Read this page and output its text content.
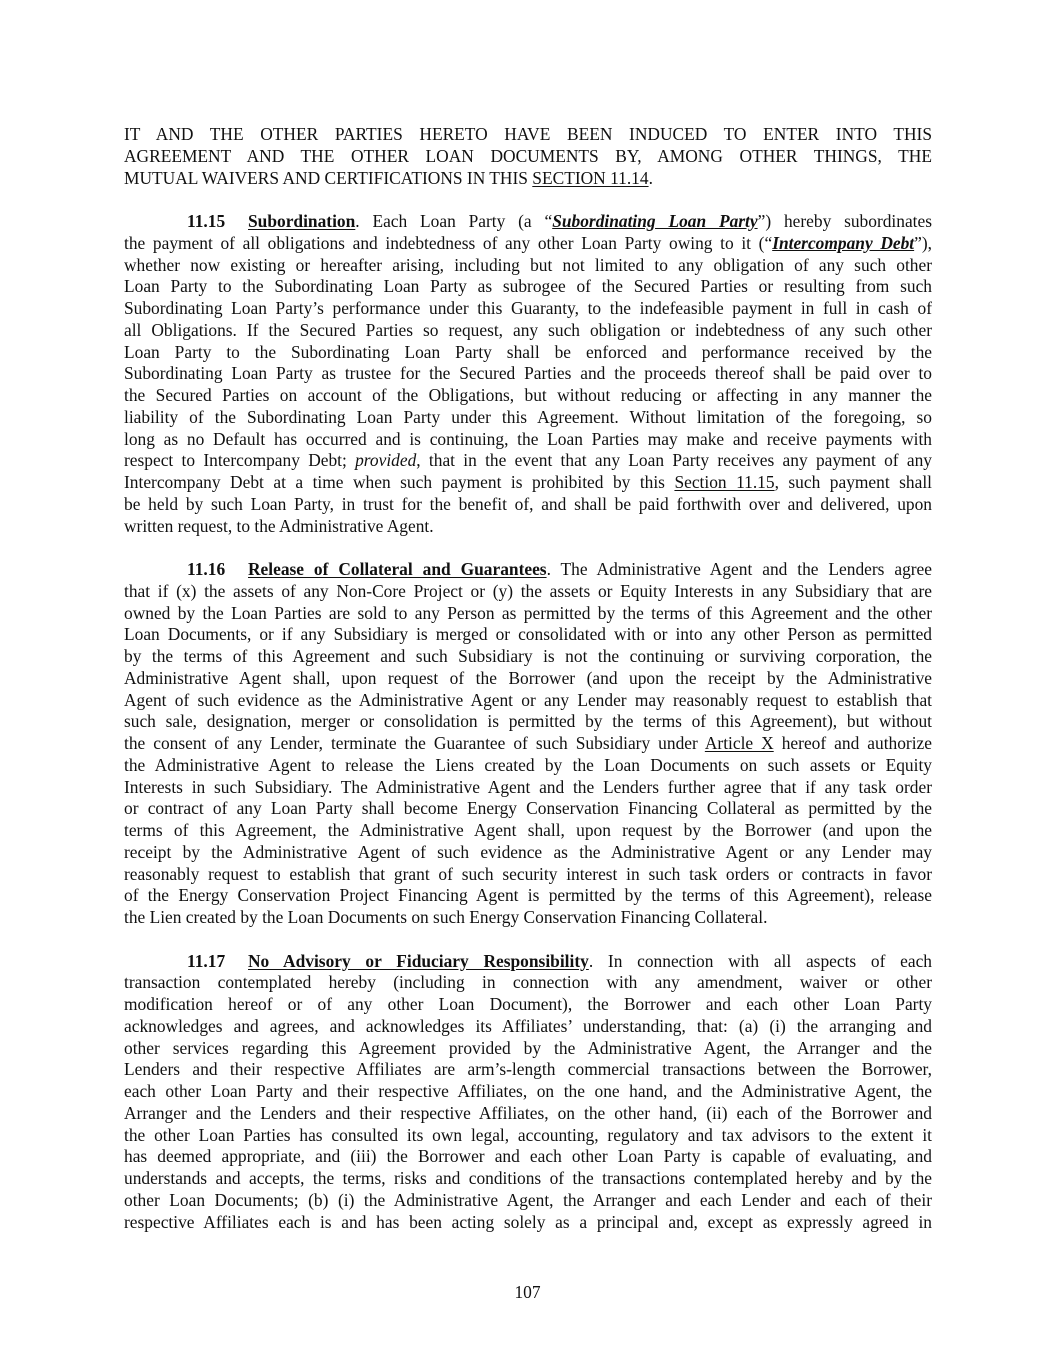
IT AND THE OTHER PARTIES HERETO HAVE BEEN INDUCED TO ENTER INTO THIS
AGREEMENT AND THE OTHER LOAN DOCUMENTS BY, AMONG OTHER THINGS, THE
MUTUAL WAIVERS AND CERTIFICATIONS IN THIS SECTION 11.14.
11.15 Subordination. Each Loan Party (a “Subordinating Loan Party”) hereby subordinates
the payment of all obligations and indebtedness of any other Loan Party owing to it (“Intercompany Debt”),
whether now existing or hereafter arising, including but not limited to any obligation of any such other
Loan Party to the Subordinating Loan Party as subrogee of the Secured Parties or resulting from such
Subordinating Loan Party’s performance under this Guaranty, to the indefeasible payment in full in cash of
all Obligations. If the Secured Parties so request, any such obligation or indebtedness of any such other
Loan Party to the Subordinating Loan Party shall be enforced and performance received by the
Subordinating Loan Party as trustee for the Secured Parties and the proceeds thereof shall be paid over to
the Secured Parties on account of the Obligations, but without reducing or affecting in any manner the
liability of the Subordinating Loan Party under this Agreement. Without limitation of the foregoing, so
long as no Default has occurred and is continuing, the Loan Parties may make and receive payments with
respect to Intercompany Debt; provided, that in the event that any Loan Party receives any payment of any
Intercompany Debt at a time when such payment is prohibited by this Section 11.15, such payment shall
be held by such Loan Party, in trust for the benefit of, and shall be paid forthwith over and delivered, upon
written request, to the Administrative Agent.
11.16 Release of Collateral and Guarantees. The Administrative Agent and the Lenders agree
that if (x) the assets of any Non-Core Project or (y) the assets or Equity Interests in any Subsidiary that are
owned by the Loan Parties are sold to any Person as permitted by the terms of this Agreement and the other
Loan Documents, or if any Subsidiary is merged or consolidated with or into any other Person as permitted
by the terms of this Agreement and such Subsidiary is not the continuing or surviving corporation, the
Administrative Agent shall, upon request of the Borrower (and upon the receipt by the Administrative
Agent of such evidence as the Administrative Agent or any Lender may reasonably request to establish that
such sale, designation, merger or consolidation is permitted by the terms of this Agreement), but without
the consent of any Lender, terminate the Guarantee of such Subsidiary under Article X hereof and authorize
the Administrative Agent to release the Liens created by the Loan Documents on such assets or Equity
Interests in such Subsidiary. The Administrative Agent and the Lenders further agree that if any task order
or contract of any Loan Party shall become Energy Conservation Financing Collateral as permitted by the
terms of this Agreement, the Administrative Agent shall, upon request by the Borrower (and upon the
receipt by the Administrative Agent of such evidence as the Administrative Agent or any Lender may
reasonably request to establish that grant of such security interest in such task orders or contracts in favor
of the Energy Conservation Project Financing Agent is permitted by the terms of this Agreement), release
the Lien created by the Loan Documents on such Energy Conservation Financing Collateral.
11.17 No Advisory or Fiduciary Responsibility. In connection with all aspects of each
transaction contemplated hereby (including in connection with any amendment, waiver or other
modification hereof or of any other Loan Document), the Borrower and each other Loan Party
acknowledges and agrees, and acknowledges its Affiliates’ understanding, that: (a) (i) the arranging and
other services regarding this Agreement provided by the Administrative Agent, the Arranger and the
Lenders and their respective Affiliates are arm’s-length commercial transactions between the Borrower,
each other Loan Party and their respective Affiliates, on the one hand, and the Administrative Agent, the
Arranger and the Lenders and their respective Affiliates, on the other hand, (ii) each of the Borrower and
the other Loan Parties has consulted its own legal, accounting, regulatory and tax advisors to the extent it
has deemed appropriate, and (iii) the Borrower and each other Loan Party is capable of evaluating, and
understands and accepts, the terms, risks and conditions of the transactions contemplated hereby and by the
other Loan Documents; (b) (i) the Administrative Agent, the Arranger and each Lender and each of their
respective Affiliates each is and has been acting solely as a principal and, except as expressly agreed in
107
